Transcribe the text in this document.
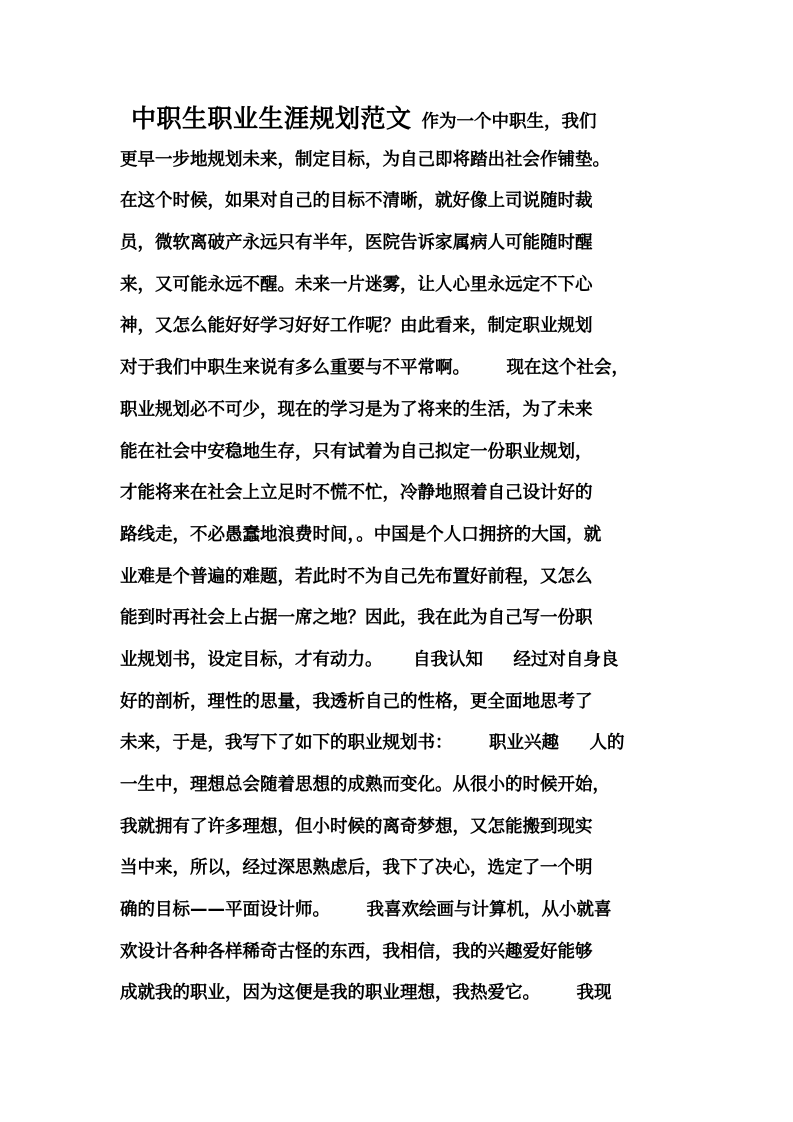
中职生职业生涯规划范文 作为一个中职生，我们
更早一步地规划未来，制定目标，为自己即将踏出社会作铺垫。
在这个时候，如果对自己的目标不清晰，就好像上司说随时裁
员，微软离破产永远只有半年，医院告诉家属病人可能随时醒
来，又可能永远不醒。未来一片迷雾，让人心里永远定不下心
神，又怎么能好好学习好好工作呢？由此看来，制定职业规划
对于我们中职生来说有多么重要与不平常啊。      现在这个社会，
职业规划必不可少，现在的学习是为了将来的生活，为了未来
能在社会中安稳地生存，只有试着为自己拟定一份职业规划，
才能将来在社会上立足时不慌不忙，冷静地照着自己设计好的
路线走，不必愚蠢地浪费时间，。中国是个人口拥挤的大国，就
业难是个普遍的难题，若此时不为自己先布置好前程，又怎么
能到时再社会上占据一席之地？因此，我在此为自己写一份职
业规划书，设定目标，才有动力。     自我认知     经过对自身良
好的剖析，理性的思量，我透析自己的性格，更全面地思考了
未来，于是，我写下了如下的职业规划书：      职业兴趣     人的
一生中，理想总会随着思想的成熟而变化。从很小的时候开始，
我就拥有了许多理想，但小时候的离奇梦想，又怎能搬到现实
当中来，所以，经过深思熟虑后，我下了决心，选定了一个明
确的目标——平面设计师。      我喜欢绘画与计算机，从小就喜
欢设计各种各样稀奇古怪的东西，我相信，我的兴趣爱好能够
成就我的职业，因为这便是我的职业理想，我热爱它。      我现
